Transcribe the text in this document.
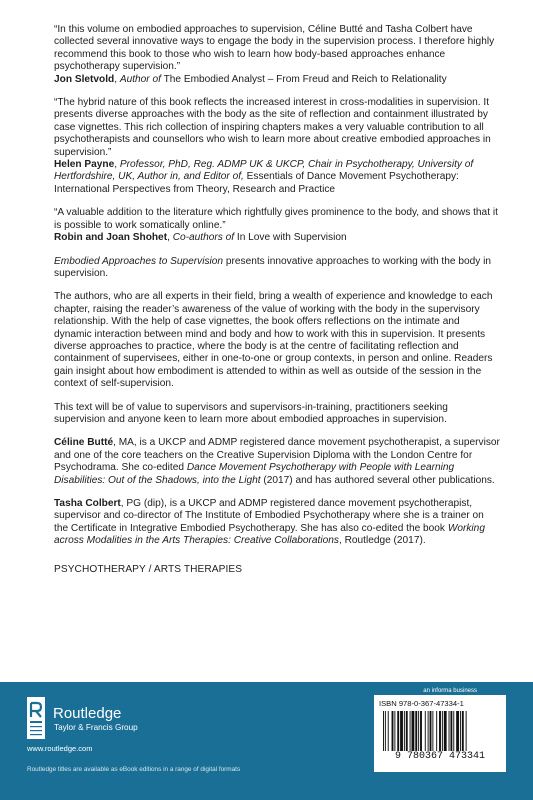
“In this volume on embodied approaches to supervision, Céline Butté and Tasha Colbert have collected several innovative ways to engage the body in the supervision process. I therefore highly recommend this book to those who wish to learn how body-based approaches enhance psychotherapy supervision.”

Jon Sletvold, Author of The Embodied Analyst – From Freud and Reich to Relationality

“The hybrid nature of this book reflects the increased interest in cross-modalities in supervision. It presents diverse approaches with the body as the site of reflection and containment illustrated by case vignettes. This rich collection of inspiring chapters makes a very valuable contribution to all psychotherapists and counsellors who wish to learn more about creative embodied approaches in supervision.”

Helen Payne, Professor, PhD, Reg. ADMP UK & UKCP, Chair in Psychotherapy, University of Hertfordshire, UK, Author in, and Editor of, Essentials of Dance Movement Psychotherapy: International Perspectives from Theory, Research and Practice

“A valuable addition to the literature which rightfully gives prominence to the body, and shows that it is possible to work somatically online.”

Robin and Joan Shohet, Co-authors of In Love with Supervision

Embodied Approaches to Supervision presents innovative approaches to working with the body in supervision.

The authors, who are all experts in their field, bring a wealth of experience and knowledge to each chapter, raising the reader’s awareness of the value of working with the body in the supervisory relationship. With the help of case vignettes, the book offers reflections on the intimate and dynamic interaction between mind and body and how to work with this in supervision. It presents diverse approaches to practice, where the body is at the centre of facilitating reflection and containment of supervisees, either in one-to-one or group contexts, in person and online. Readers gain insight about how embodiment is attended to within as well as outside of the session in the context of self-supervision.

This text will be of value to supervisors and supervisors-in-training, practitioners seeking supervision and anyone keen to learn more about embodied approaches in supervision.

Céline Butté, MA, is a UKCP and ADMP registered dance movement psychotherapist, a supervisor and one of the core teachers on the Creative Supervision Diploma with the London Centre for Psychodrama. She co-edited Dance Movement Psychotherapy with People with Learning Disabilities: Out of the Shadows, into the Light (2017) and has authored several other publications.

Tasha Colbert, PG (dip), is a UKCP and ADMP registered dance movement psychotherapist, supervisor and co-director of The Institute of Embodied Psychotherapy where she is a trainer on the Certificate in Integrative Embodied Psychotherapy. She has also co-edited the book Working across Modalities in the Arts Therapies: Creative Collaborations, Routledge (2017).

PSYCHOTHERAPY / ARTS THERAPIES

an informa business
Routledge
Taylor & Francis Group
www.routledge.com
Routledge titles are available as eBook editions in a range of digital formats
ISBN 978-0-367-47334-1
9 780367 473341
